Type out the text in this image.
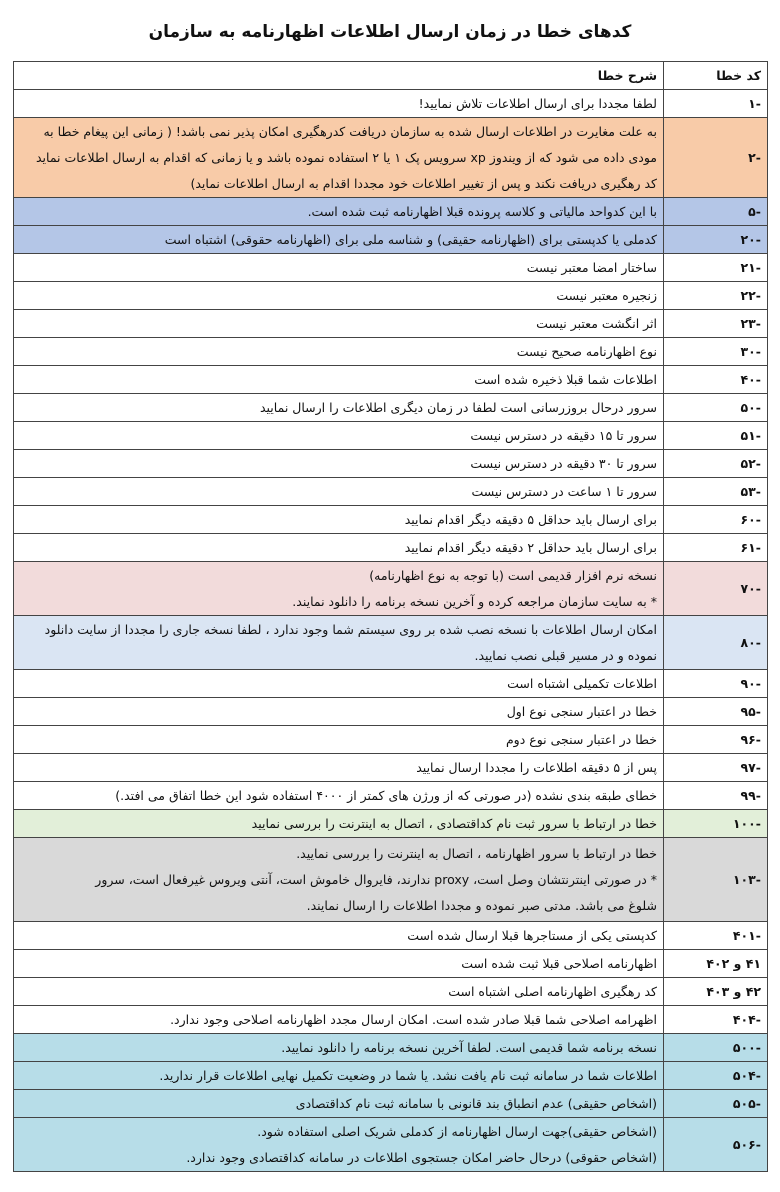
کدهای خطا در زمان ارسال اطلاعات اظهارنامه به سازمان
کد خطا	شرح خطا
-۱	لطفا مجددا برای ارسال اطلاعات تلاش نمایید!

-۲	به علت مغایرت در اطلاعات ارسال شده به سازمان دریافت کدرهگیری امکان پذیر نمی باشد! ( زمانی این پیغام خطا به
مودی داده می شود که از ویندوز xp سرویس پک ۱ یا ۲ استفاده نموده باشد و یا زمانی که اقدام به ارسال اطلاعات نماید
کد رهگیری دریافت نکند و پس از تغییر اطلاعات خود مجددا اقدام به ارسال اطلاعات نماید)

-۵	با این کدواحد مالیاتی و کلاسه پرونده قبلا اظهارنامه ثبت شده است.

-۲۰	کدملی یا کدپستی برای (اظهارنامه حقیقی) و شناسه ملی برای (اظهارنامه حقوقی) اشتباه است

-۲۱	ساختار امضا معتبر نیست

-۲۲	زنجیره معتبر نیست

-۲۳	اثر انگشت معتبر نیست

-۳۰	نوع اظهارنامه صحیح نیست

-۴۰	اطلاعات شما قبلا ذخیره شده است

-۵۰	سرور درحال بروزرسانی است لطفا در زمان دیگری اطلاعات را ارسال نمایید

-۵۱	سرور تا ۱۵ دقیقه در دسترس نیست

-۵۲	سرور تا ۳۰ دقیقه در دسترس نیست

-۵۳	سرور تا ۱ ساعت در دسترس نیست

-۶۰	برای ارسال باید حداقل ۵ دقیقه دیگر اقدام نمایید

-۶۱	برای ارسال باید حداقل ۲ دقیقه دیگر اقدام نمایید

-۷۰	نسخه نرم افزار قدیمی است (با توجه به نوع اظهارنامه)
* به سایت سازمان مراجعه کرده و آخرین نسخه برنامه را دانلود نمایند.

-۸۰	امکان ارسال اطلاعات با نسخه نصب شده بر روی سیستم شما وجود ندارد ، لطفا نسخه جاری را مجددا از سایت دانلود
نموده و در مسیر قبلی نصب نمایید.

-۹۰	اطلاعات تکمیلی اشتباه است

-۹۵	خطا در اعتبار سنجی نوع اول

-۹۶	خطا در اعتبار سنجی نوع دوم

-۹۷	پس از ۵ دقیقه اطلاعات را مجددا ارسال نمایید

-۹۹	خطای طبقه بندی نشده (در صورتی که از ورژن های کمتر از ۴۰۰۰ استفاده شود این خطا اتفاق می افتد.)

-۱۰۰	خطا در ارتباط با سرور ثبت نام کداقتصادی ، اتصال به اینترنت را بررسی نمایید

-۱۰۳	خطا در ارتباط با سرور اظهارنامه ، اتصال به اینترنت را بررسی نمایید.
* در صورتی اینترنتشان وصل است، proxy ندارند، فایروال خاموش است، آنتی ویروس غیرفعال است، سرور
شلوغ می باشد. مدتی صبر نموده و مجددا اطلاعات را ارسال نمایند.

-۴۰۱	کدپستی یکی از مستاجرها قبلا ارسال شده است

۴۱ و ۴۰۲	اظهارنامه اصلاحی قبلا ثبت شده است

۴۲ و ۴۰۳	کد رهگیری اظهارنامه اصلی اشتباه است

-۴۰۴	اظهرامه اصلاحی شما قبلا صادر شده است. امکان ارسال مجدد اظهارنامه اصلاحی وجود ندارد.

-۵۰۰	نسخه برنامه شما قدیمی است. لطفا آخرین نسخه برنامه را دانلود نمایید.

-۵۰۴	اطلاعات شما در سامانه ثبت نام یافت نشد. یا شما در وضعیت تکمیل نهایی اطلاعات قرار ندارید.

-۵۰۵	(اشخاص حقیقی) عدم انطباق بند قانونی با سامانه ثبت نام کداقتصادی

-۵۰۶	(اشخاص حقیقی)جهت ارسال اظهارنامه از کدملی شریک اصلی استفاده شود.
(اشخاص حقوقی) درحال حاضر امکان جستجوی اطلاعات در سامانه کداقتصادی وجود ندارد.
